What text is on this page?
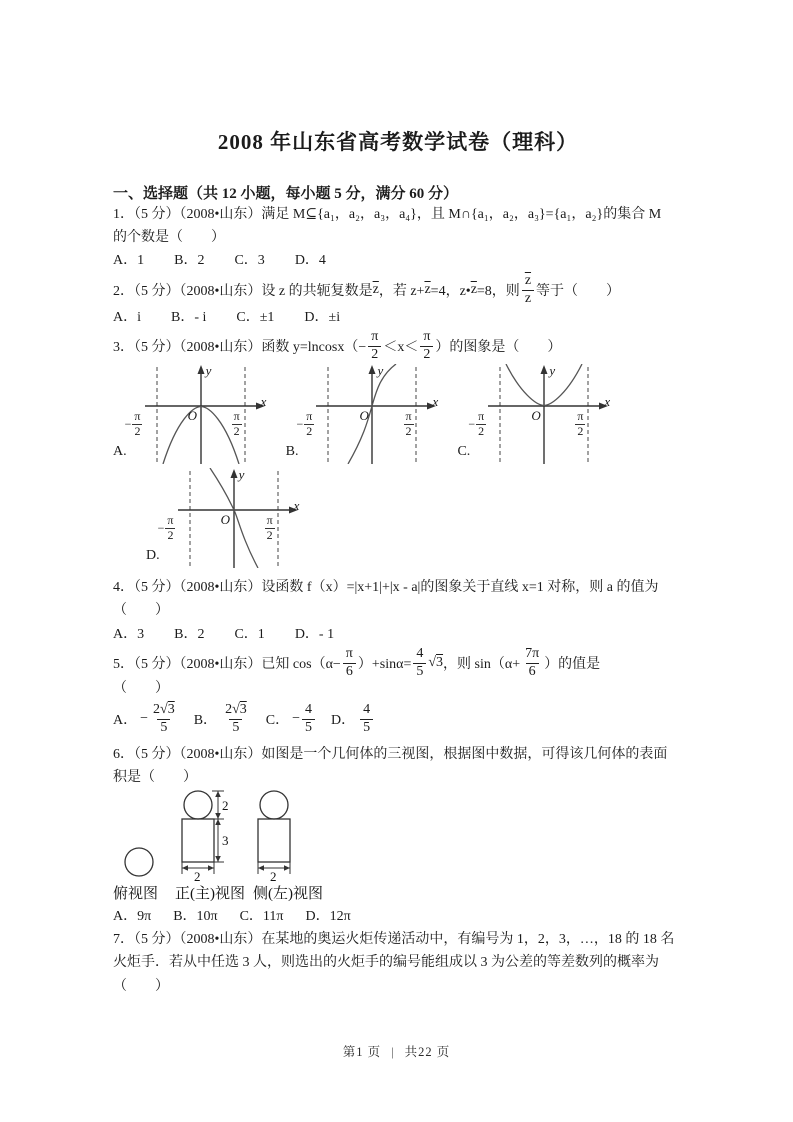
2008 年山东省高考数学试卷（理科）
一、选择题（共 12 小题，每小题 5 分，满分 60 分）
1．（5 分）（2008•山东）满足 M⊆{a₁，a₂，a₃，a₄}，且 M∩{a₁，a₂，a₃}={a₁，a₂}的集合 M
的个数是（　　）
A．1 B．2 C．3 D．4
2．（5 分）（2008•山东）设 z 的共轭复数是 $\overline{z}$ ，若 $z+ \overline{z} =4$，z• $\overline{z} =8$，则 $\frac{\overline{z}}{z}$ 等于（　　）
A．i B．- i C．±1 D．±i
3．（5 分）（2008•山东）函数 $y=lncosx(- \frac{\pi}{2} <x< \frac{\pi}{2}$ ）的图象是（　　）
A.
y
x
O
− $\frac{\pi}{2}$	$\frac{\pi}{2}$
B.
y
x
O
− $\frac{\pi}{2}$	$\frac{\pi}{2}$
C.
y
x
O
− $\frac{\pi}{2}$	$\frac{\pi}{2}$
D.
y
x
O
− $\frac{\pi}{2}$	$\frac{\pi}{2}$
4．（5 分）（2008•山东）设函数 f（x）=|x+1|+|x - a|的图象关于直线 x=1 对称，则 a 的值为
（　　）
A．3 B．2 C．1 D．- 1
5．（5 分）（2008•山东）已知 $\cos(\alpha- \frac{\pi}{6} )+\sin\alpha= \frac{4}{5}$ √ 3 ，则 $\sin(\alpha+ \frac{7\pi}{6}$ ）的值是
（　　）
A． − $\frac{2√3}{5}$ B． $\frac{2√3}{5}$ C． − $\frac{4}{5}$ D． $\frac{4}{5}$
6．（5 分）（2008•山东）如图是一个几何体的三视图，根据图中数据，可得该几何体的表面
积是（　　）
2
3
2	2
俯视图 正(主)视图 侧(左)视图
A．9π B．10π C．11π D．12π
7．（5 分）（2008•山东）在某地的奥运火炬传递活动中，有编号为 1，2，3，…，18 的 18 名
火炬手．若从中任选 3 人，则选出的火炬手的编号能组成以 3 为公差的等差数列的概率为
（　　）
第1 页 | 共22 页
